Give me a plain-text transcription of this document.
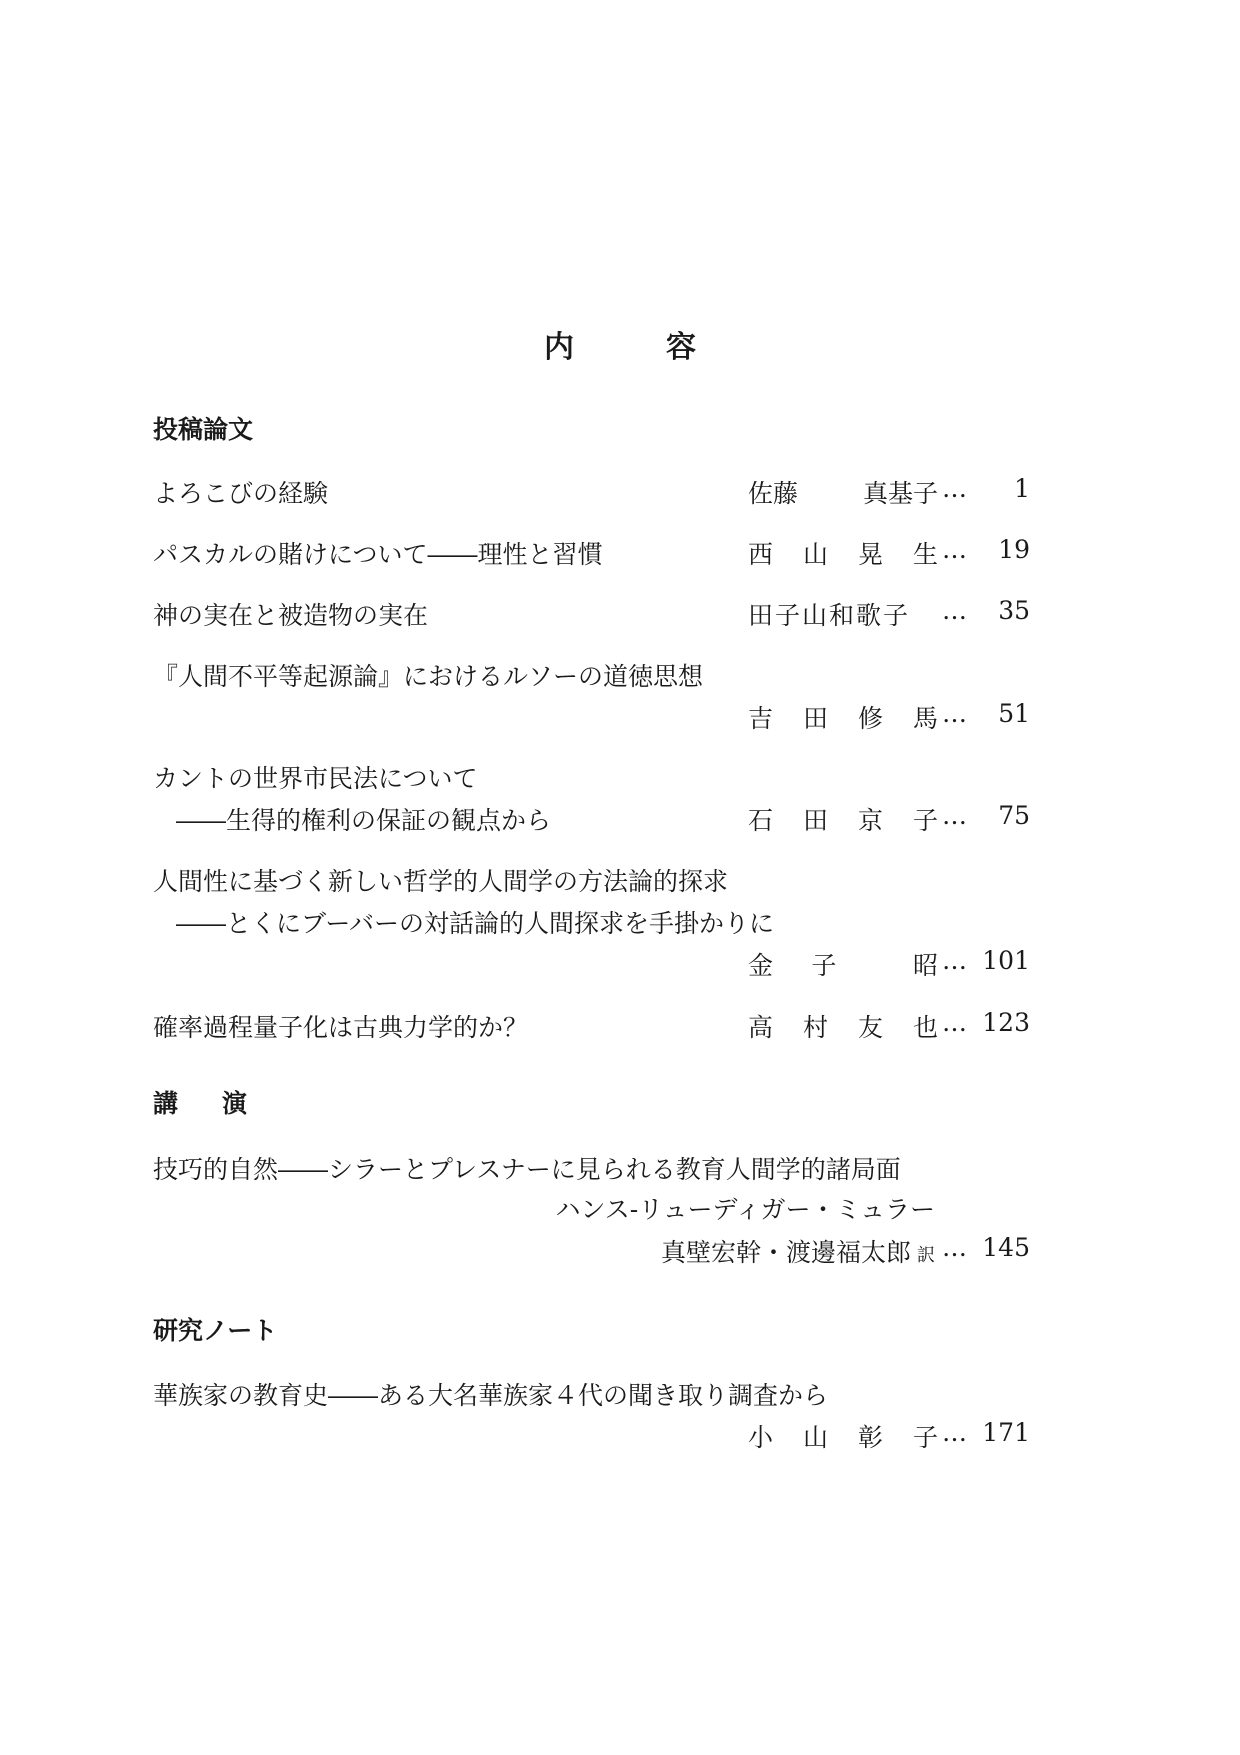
内	容
投稿論文
よろこびの経験	佐藤	真基子 …	1
パスカルの賭けについて――理性と習慣	西 山 晃 生 …	19
神の実在と被造物の実在	田子山和歌子 …	35
『人間不平等起源論』におけるルソーの道徳思想
吉 田 修 馬 …	51
カントの世界市民法について
――生得的権利の保証の観点から	石 田 京 子 …	75
人間性に基づく新しい哲学的人間学の方法論的探求
――とくにブーバーの対話論的人間探求を手掛かりに
金 子	昭 … 101
確率過程量子化は古典力学的か？	高 村 友 也 … 123
講 演
技巧的自然――シラーとプレスナーに見られる教育人間学的諸局面
ハンス-リューディガー・ミュラー
真壁宏幹・渡邊福太郎 訳 … 145
研究ノート
華族家の教育史――ある大名華族家４代の聞き取り調査から
小 山 彰 子 … 171
